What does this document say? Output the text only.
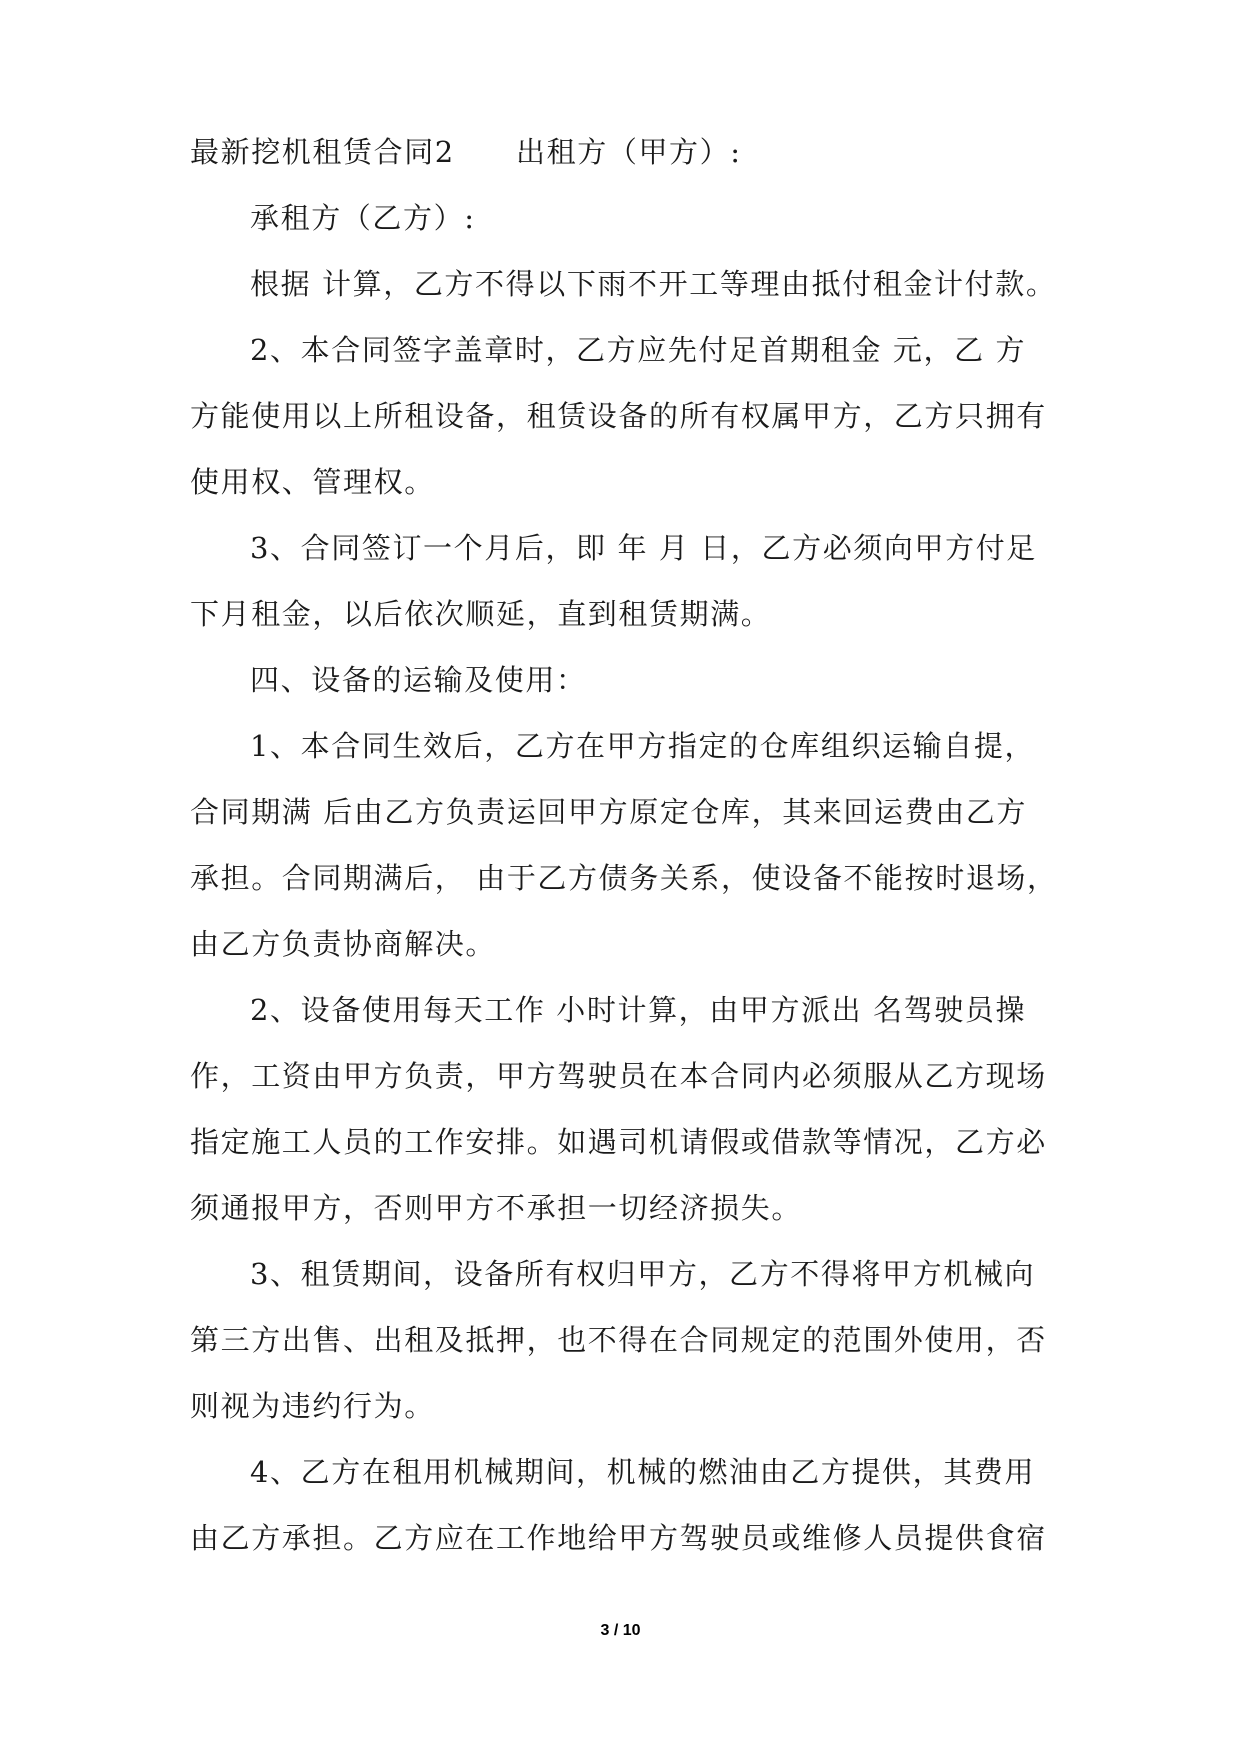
最新挖机租赁合同2　　出租方（甲方）:
承租方（乙方）:
根据 计算，乙方不得以下雨不开工等理由抵付租金计付款。
2、本合同签字盖章时，乙方应先付足首期租金 元，乙 方
方能使用以上所租设备，租赁设备的所有权属甲方，乙方只拥有
使用权、管理权。
3、合同签订一个月后，即 年 月 日，乙方必须向甲方付足
下月租金，以后依次顺延，直到租赁期满。
四、设备的运输及使用：
1、本合同生效后，乙方在甲方指定的仓库组织运输自提，
合同期满 后由乙方负责运回甲方原定仓库，其来回运费由乙方
承担。合同期满后， 由于乙方债务关系，使设备不能按时退场，
由乙方负责协商解决。
2、设备使用每天工作 小时计算，由甲方派出 名驾驶员操
作，工资由甲方负责，甲方驾驶员在本合同内必须服从乙方现场
指定施工人员的工作安排。如遇司机请假或借款等情况，乙方必
须通报甲方，否则甲方不承担一切经济损失。
3、租赁期间，设备所有权归甲方，乙方不得将甲方机械向
第三方出售、出租及抵押，也不得在合同规定的范围外使用，否
则视为违约行为。
4、乙方在租用机械期间，机械的燃油由乙方提供，其费用
由乙方承担。乙方应在工作地给甲方驾驶员或维修人员提供食宿
3 / 10
